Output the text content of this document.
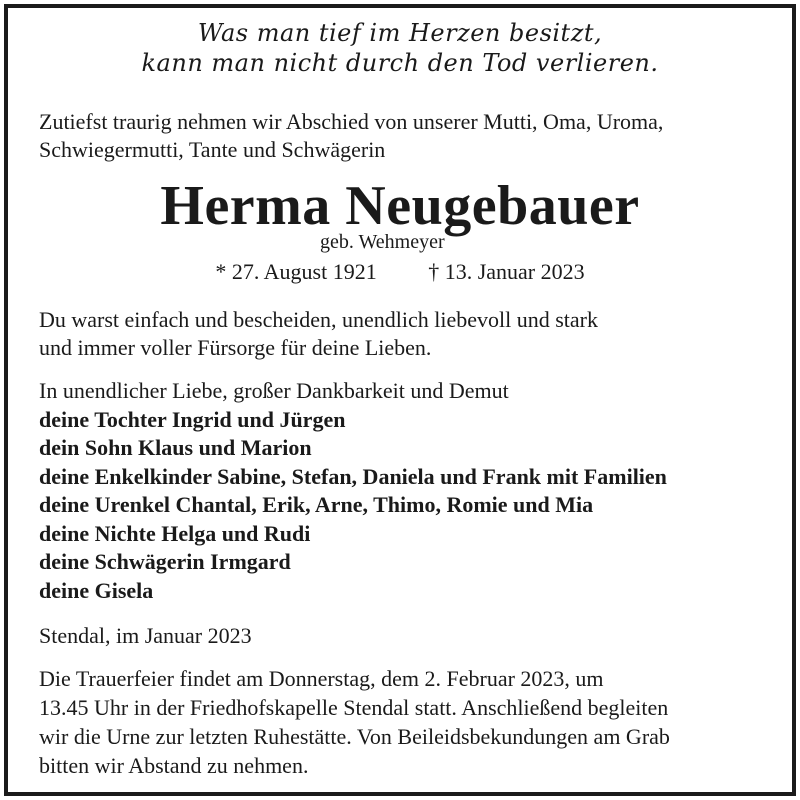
Was man tief im Herzen besitzt,
kann man nicht durch den Tod verlieren.
Zutiefst traurig nehmen wir Abschied von unserer Mutti, Oma, Uroma,
Schwiegermutti, Tante und Schwägerin
Herma Neugebauer
geb. Wehmeyer
* 27. August 1921 † 13. Januar 2023
Du warst einfach und bescheiden, unendlich liebevoll und stark
und immer voller Fürsorge für deine Lieben.
In unendlicher Liebe, großer Dankbarkeit und Demut
deine Tochter Ingrid und Jürgen
dein Sohn Klaus und Marion
deine Enkelkinder Sabine, Stefan, Daniela und Frank mit Familien
deine Urenkel Chantal, Erik, Arne, Thimo, Romie und Mia
deine Nichte Helga und Rudi
deine Schwägerin Irmgard
deine Gisela
Stendal, im Januar 2023
Die Trauerfeier findet am Donnerstag, dem 2. Februar 2023, um
13.45 Uhr in der Friedhofskapelle Stendal statt. Anschließend begleiten
wir die Urne zur letzten Ruhestätte. Von Beileidsbekundungen am Grab
bitten wir Abstand zu nehmen.
